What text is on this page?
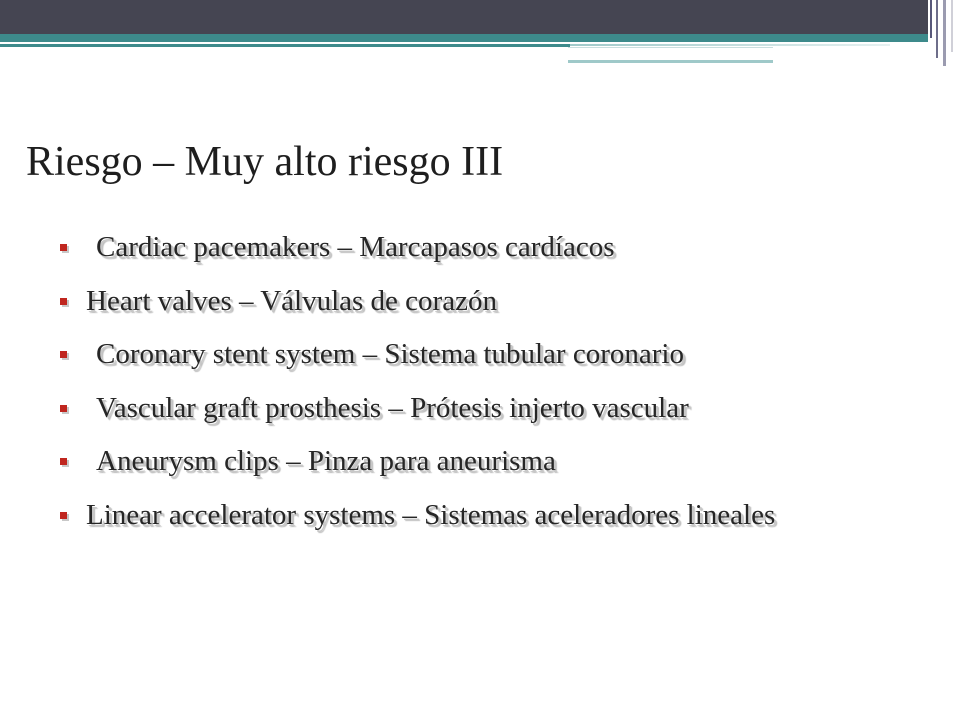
Riesgo – Muy alto riesgo III
Cardiac pacemakers – Marcapasos cardíacos
Heart valves – Válvulas de corazón
Coronary stent system – Sistema tubular coronario
Vascular graft prosthesis – Prótesis injerto vascular
Aneurysm clips – Pinza para aneurisma
Linear accelerator systems – Sistemas aceleradores lineales
